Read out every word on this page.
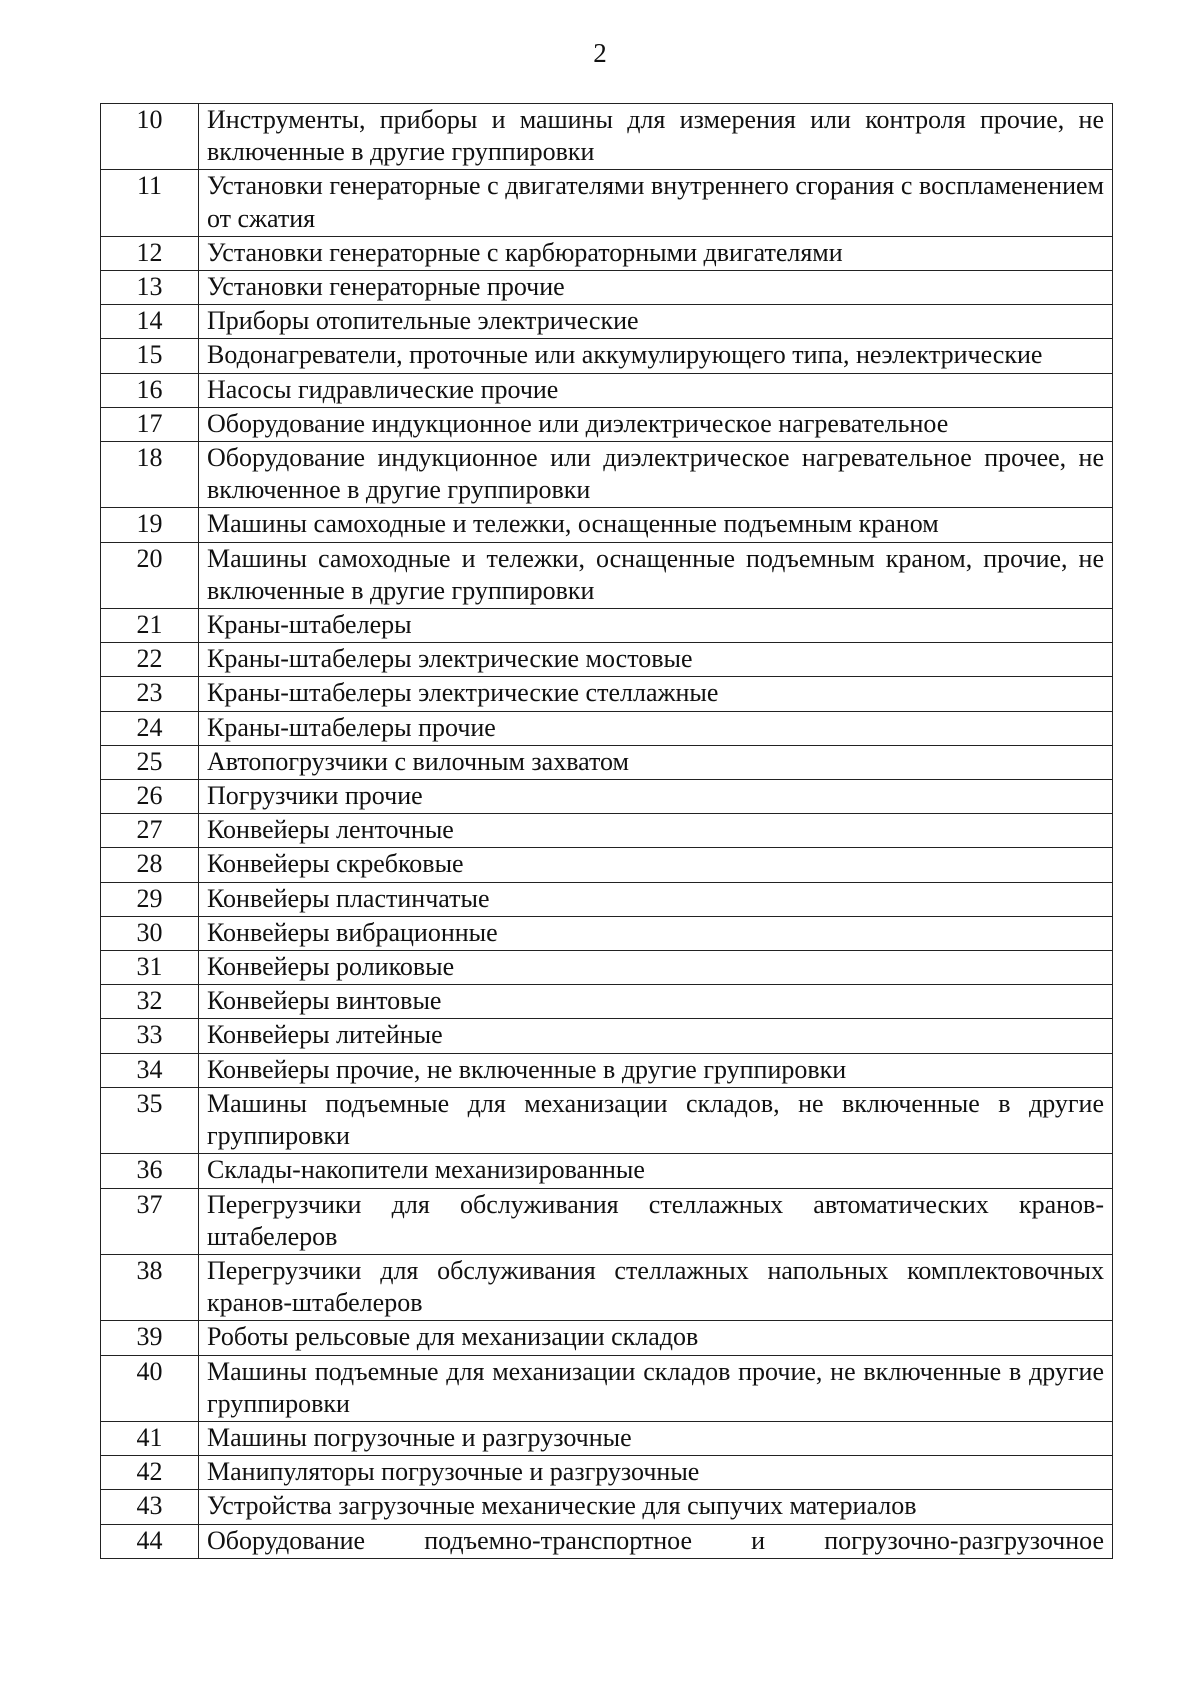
2
10	Инструменты, приборы и машины для измерения или контроля прочие, не включенные в другие группировки
11	Установки генераторные с двигателями внутреннего сгорания с воспламенением от сжатия
12	Установки генераторные с карбюраторными двигателями
13	Установки генераторные прочие
14	Приборы отопительные электрические
15	Водонагреватели, проточные или аккумулирующего типа, неэлектрические
16	Насосы гидравлические прочие
17	Оборудование индукционное или диэлектрическое нагревательное
18	Оборудование индукционное или диэлектрическое нагревательное прочее, не включенное в другие группировки
19	Машины самоходные и тележки, оснащенные подъемным краном
20	Машины самоходные и тележки, оснащенные подъемным краном, прочие, не включенные в другие группировки
21	Краны-штабелеры
22	Краны-штабелеры электрические мостовые
23	Краны-штабелеры электрические стеллажные
24	Краны-штабелеры прочие
25	Автопогрузчики с вилочным захватом
26	Погрузчики прочие
27	Конвейеры ленточные
28	Конвейеры скребковые
29	Конвейеры пластинчатые
30	Конвейеры вибрационные
31	Конвейеры роликовые
32	Конвейеры винтовые
33	Конвейеры литейные
34	Конвейеры прочие, не включенные в другие группировки
35	Машины подъемные для механизации складов, не включенные в другие группировки
36	Склады-накопители механизированные
37	Перегрузчики для обслуживания стеллажных автоматических кранов-штабелеров
38	Перегрузчики для обслуживания стеллажных напольных комплектовочных кранов-штабелеров
39	Роботы рельсовые для механизации складов
40	Машины подъемные для механизации складов прочие, не включенные в другие группировки
41	Машины погрузочные и разгрузочные
42	Манипуляторы погрузочные и разгрузочные
43	Устройства загрузочные механические для сыпучих материалов
44	Оборудование подъемно-транспортное и погрузочно-разгрузочное
